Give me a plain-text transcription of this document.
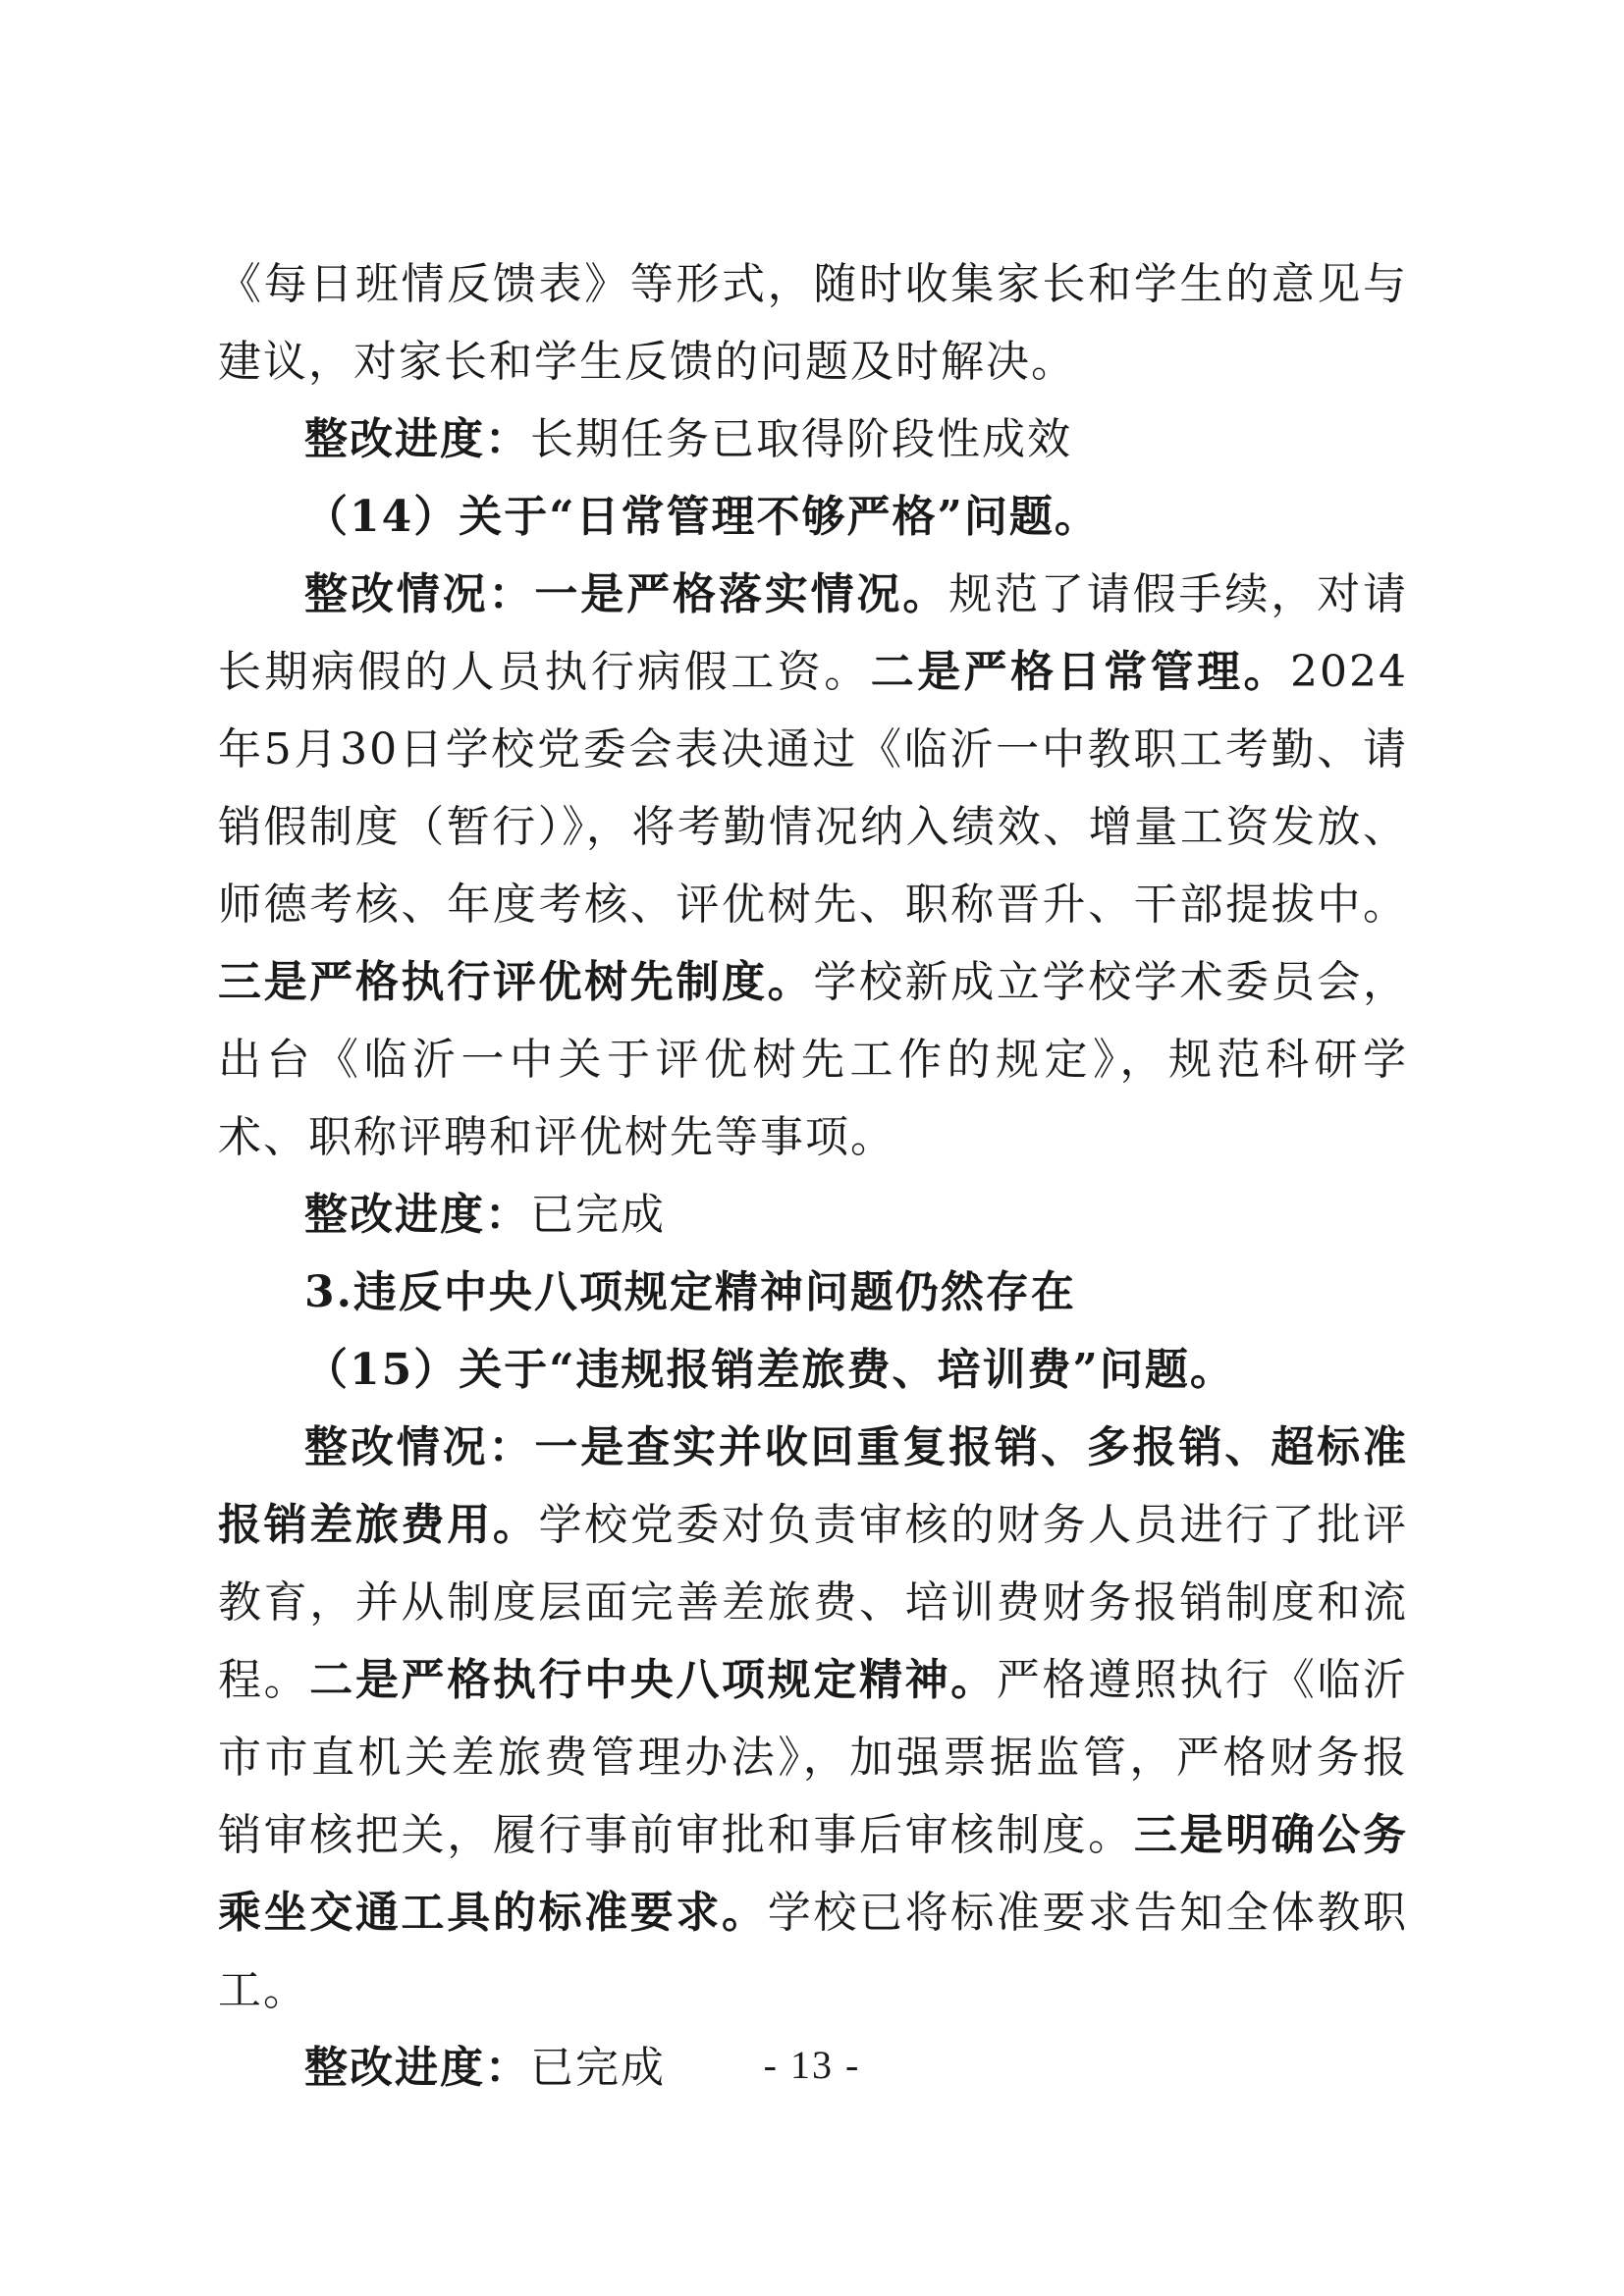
《每日班情反馈表》等形式，随时收集家长和学生的意见与建议，对家长和学生反馈的问题及时解决。

整改进度：长期任务已取得阶段性成效

（14）关于“日常管理不够严格”问题。

整改情况：一是严格落实情况。规范了请假手续，对请长期病假的人员执行病假工资。二是严格日常管理。2024年5月30日学校党委会表决通过《临沂一中教职工考勤、请销假制度（暂行）》，将考勤情况纳入绩效、增量工资发放、师德考核、年度考核、评优树先、职称晋升、干部提拔中。三是严格执行评优树先制度。学校新成立学校学术委员会，出台《临沂一中关于评优树先工作的规定》，规范科研学术、职称评聘和评优树先等事项。

整改进度：已完成

3.违反中央八项规定精神问题仍然存在

（15）关于“违规报销差旅费、培训费”问题。

整改情况：一是查实并收回重复报销、多报销、超标准报销差旅费用。学校党委对负责审核的财务人员进行了批评教育，并从制度层面完善差旅费、培训费财务报销制度和流程。二是严格执行中央八项规定精神。严格遵照执行《临沂市市直机关差旅费管理办法》，加强票据监管，严格财务报销审核把关，履行事前审批和事后审核制度。三是明确公务乘坐交通工具的标准要求。学校已将标准要求告知全体教职工。

整改进度：已完成	- 13 -
